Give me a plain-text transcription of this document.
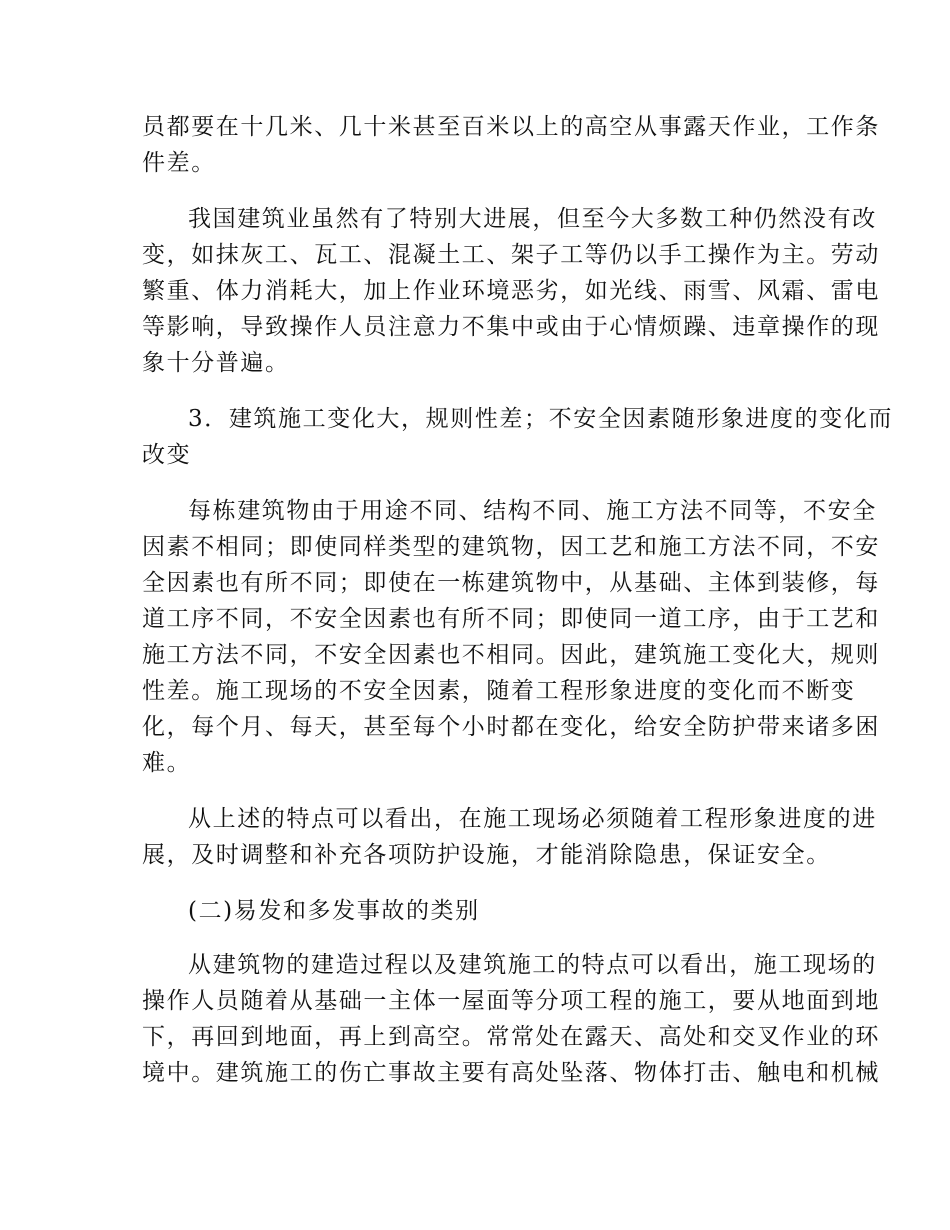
员都要在十几米、几十米甚至百米以上的高空从事露天作业，工作条
件差。
我国建筑业虽然有了特别大进展，但至今大多数工种仍然没有改
变，如抹灰工、瓦工、混凝土工、架子工等仍以手工操作为主。劳动
繁重、体力消耗大，加上作业环境恶劣，如光线、雨雪、风霜、雷电
等影响，导致操作人员注意力不集中或由于心情烦躁、违章操作的现
象十分普遍。
3．建筑施工变化大，规则性差；不安全因素随形象进度的变化而
改变
每栋建筑物由于用途不同、结构不同、施工方法不同等，不安全
因素不相同；即使同样类型的建筑物，因工艺和施工方法不同，不安
全因素也有所不同；即使在一栋建筑物中，从基础、主体到装修，每
道工序不同，不安全因素也有所不同；即使同一道工序，由于工艺和
施工方法不同，不安全因素也不相同。因此，建筑施工变化大，规则
性差。施工现场的不安全因素，随着工程形象进度的变化而不断变
化，每个月、每天，甚至每个小时都在变化，给安全防护带来诸多困
难。
从上述的特点可以看出，在施工现场必须随着工程形象进度的进
展，及时调整和补充各项防护设施，才能消除隐患，保证安全。
(二)易发和多发事故的类别
从建筑物的建造过程以及建筑施工的特点可以看出，施工现场的
操作人员随着从基础一主体一屋面等分项工程的施工，要从地面到地
下，再回到地面，再上到高空。常常处在露天、高处和交叉作业的环
境中。建筑施工的伤亡事故主要有高处坠落、物体打击、触电和机械
